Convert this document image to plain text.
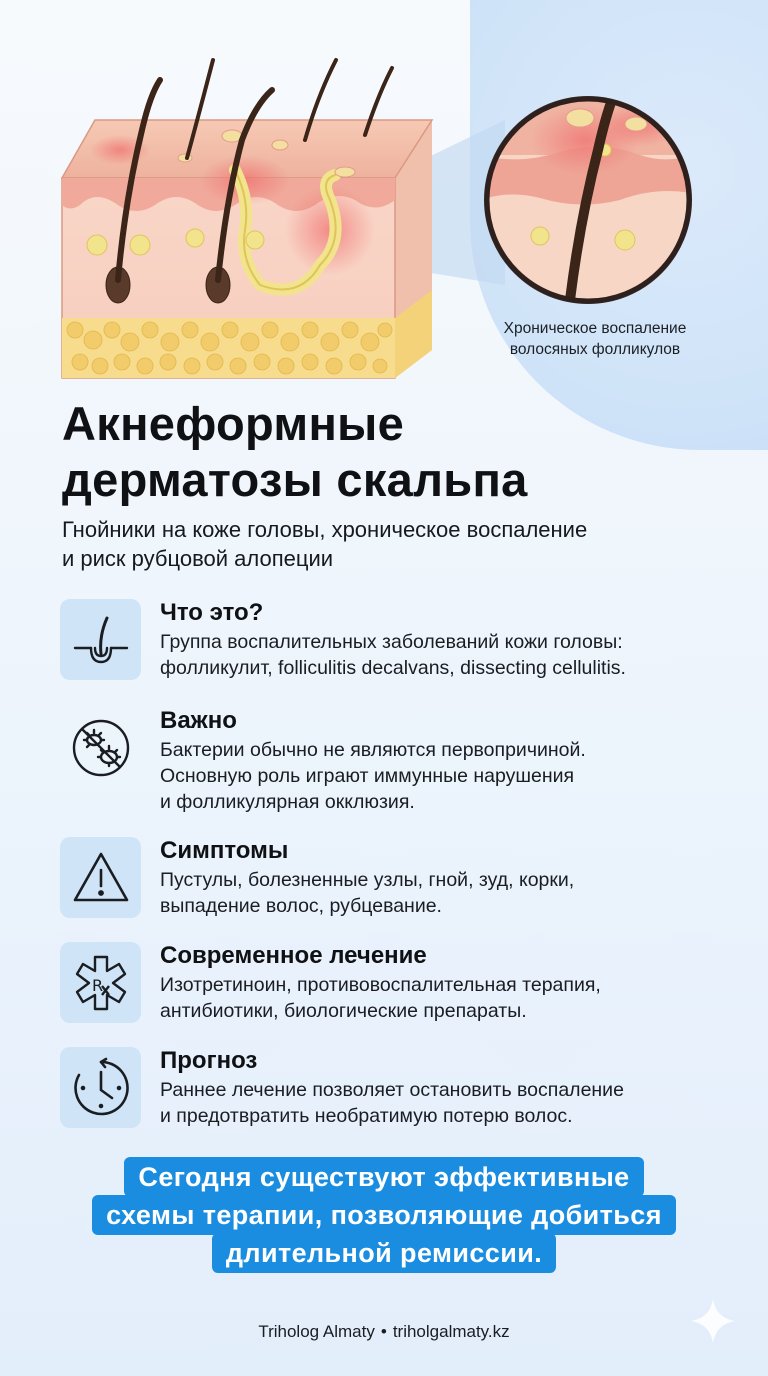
Хроническое воспаление
волосяных фолликулов
Акнеформные
дерматозы скальпа
Гнойники на коже головы, хроническое воспаление
и риск рубцовой алопеции
Что это?
Группа воспалительных заболеваний кожи головы:
фолликулит, folliculitis decalvans, dissecting cellulitis.
Важно
Бактерии обычно не являются первопричиной.
Основную роль играют иммунные нарушения
и фолликулярная окклюзия.
Симптомы
Пустулы, болезненные узлы, гной, зуд, корки,
выпадение волос, рубцевание.
R
Современное лечение
Изотретиноин, противовоспалительная терапия,
антибиотики, биологические препараты.
Прогноз
Раннее лечение позволяет остановить воспаление
и предотвратить необратимую потерю волос.
Сегодня существуют эффективные
схемы терапии, позволяющие добиться
длительной ремиссии.
Triholog Almaty • triholgalmaty.kz
